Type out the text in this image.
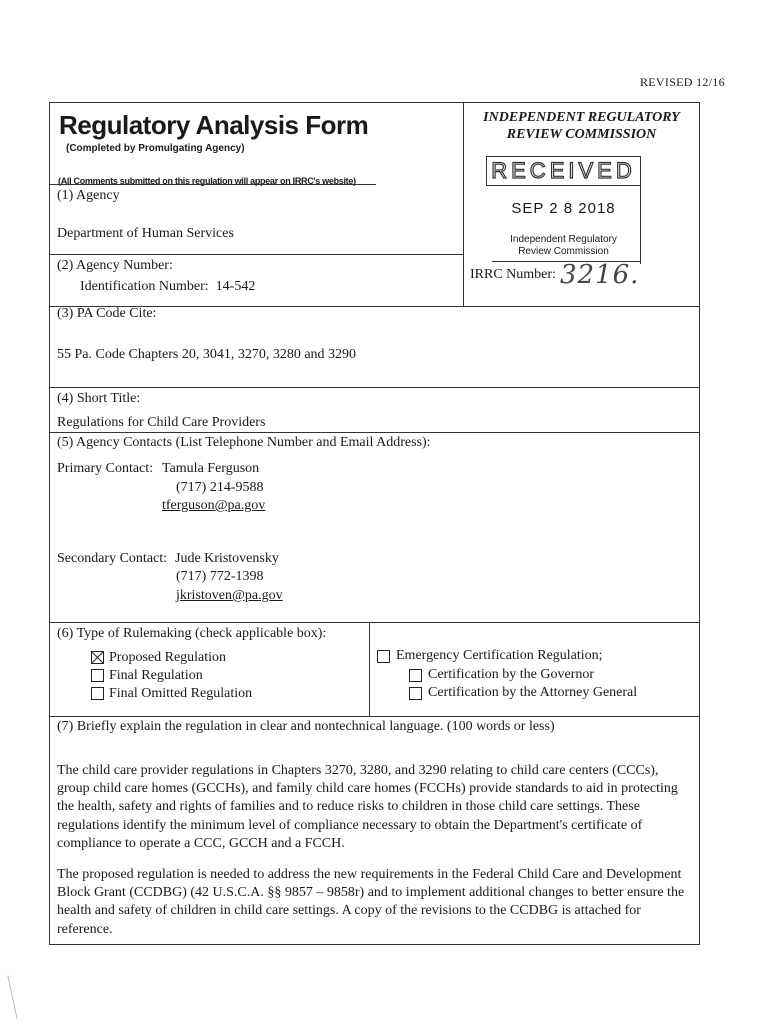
REVISED 12/16
Regulatory Analysis Form
(Completed by Promulgating Agency)
(All Comments submitted on this regulation will appear on IRRC's website)
INDEPENDENT REGULATORY
REVIEW COMMISSION
RECEIVED
SEP 2 8 2018
Independent Regulatory
Review Commission
IRRC Number: 3216.
(1) Agency
Department of Human Services
(2) Agency Number:
Identification Number:  14-542
(3) PA Code Cite:
55 Pa. Code Chapters 20, 3041, 3270, 3280 and 3290
(4) Short Title:
Regulations for Child Care Providers
(5) Agency Contacts (List Telephone Number and Email Address):
Primary Contact: Tamula Ferguson
(717) 214-9588
tferguson@pa.gov
Secondary Contact: Jude Kristovensky
(717) 772-1398
jkristoven@pa.gov
(6) Type of Rulemaking (check applicable box):
Proposed Regulation
Final Regulation
Final Omitted Regulation
Emergency Certification Regulation;
Certification by the Governor
Certification by the Attorney General
(7) Briefly explain the regulation in clear and nontechnical language. (100 words or less)
The child care provider regulations in Chapters 3270, 3280, and 3290 relating to child care centers (CCCs), group child care homes (GCCHs), and family child care homes (FCCHs) provide standards to aid in protecting the health, safety and rights of families and to reduce risks to children in those child care settings. These regulations identify the minimum level of compliance necessary to obtain the Department's certificate of compliance to operate a CCC, GCCH and a FCCH.
The proposed regulation is needed to address the new requirements in the Federal Child Care and Development Block Grant (CCDBG) (42 U.S.C.A. §§ 9857 – 9858r) and to implement additional changes to better ensure the health and safety of children in child care settings. A copy of the revisions to the CCDBG is attached for reference.
